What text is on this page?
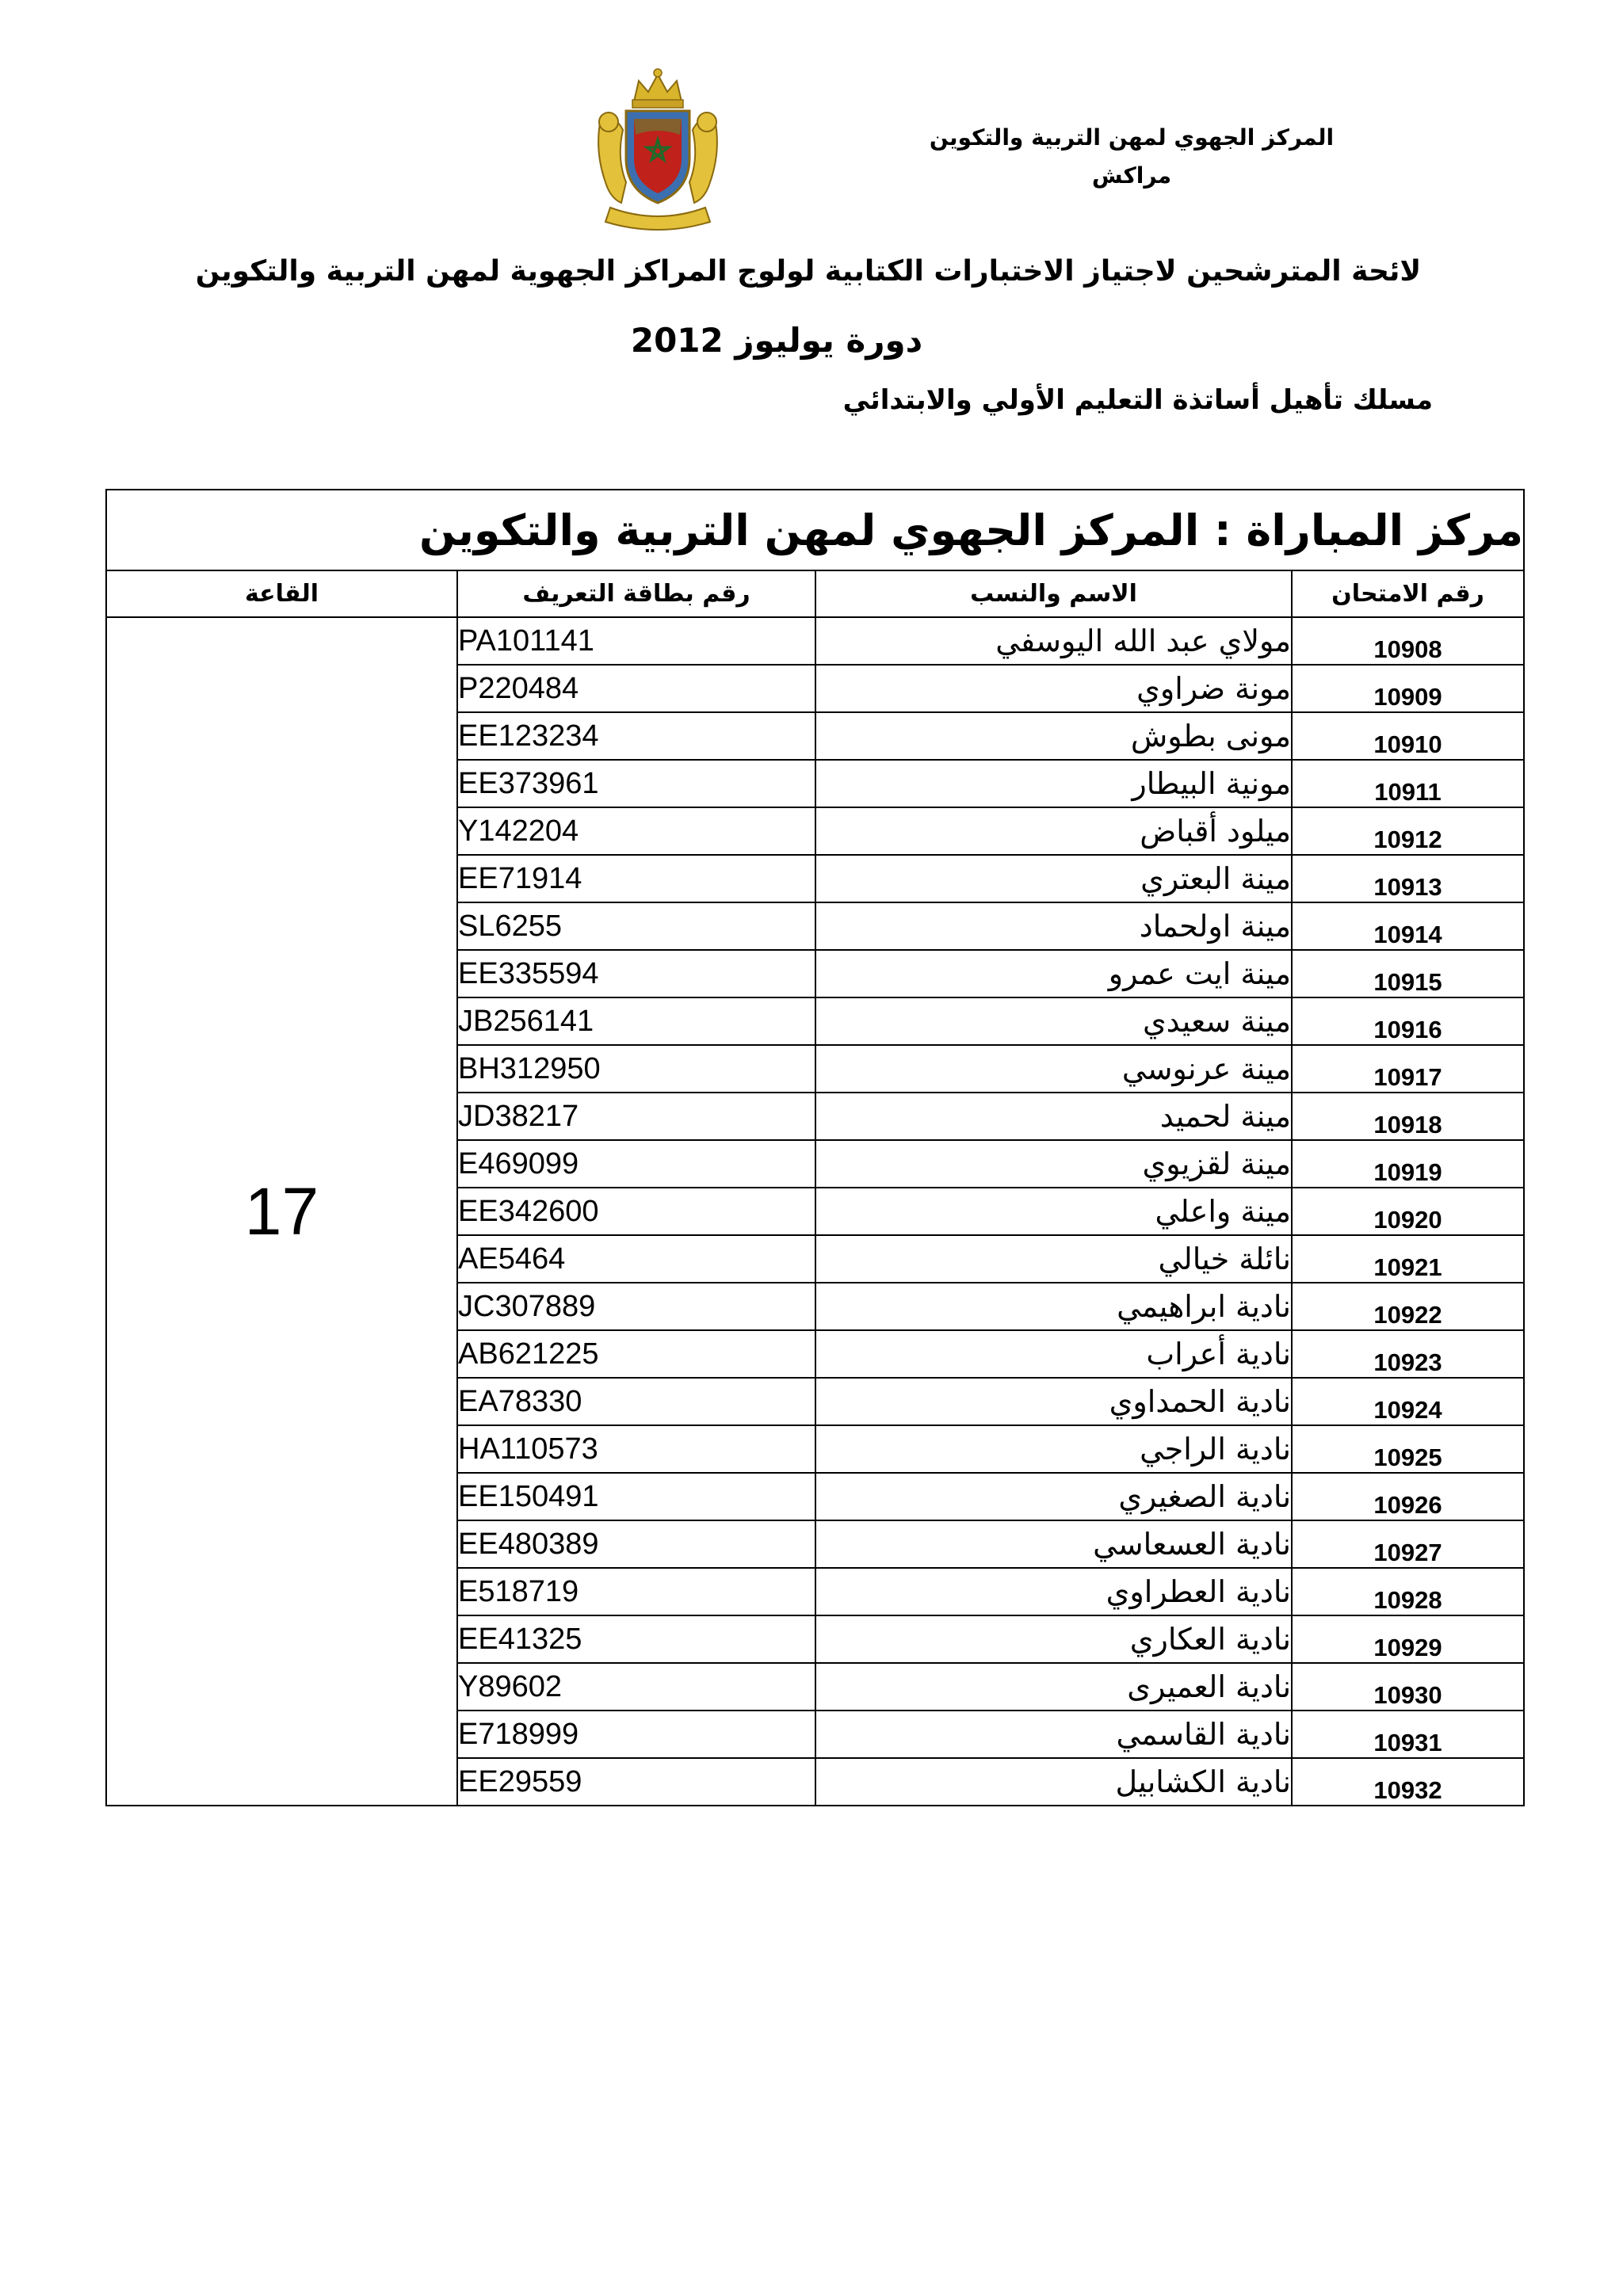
المركز الجهوي لمهن التربية والتكوين
مراكش
لائحة المترشحين لاجتياز الاختبارات الكتابية لولوج المراكز الجهوية لمهن التربية والتكوين
دورة يوليوز 2012
مسلك تأهيل أساتذة التعليم الأولي والابتدائي
مركز المباراة : المركز الجهوي لمهن التربية والتكوين			
رقم الامتحان	الاسم والنسب	رقم بطاقة التعريف	القاعة
10908	مولاي عبد الله اليوسفي	PA101141	17
10909	مونة ضراوي	P220484	
10910	مونى بطوش	EE123234	
10911	مونية البيطار	EE373961	
10912	ميلود أقباض	Y142204	
10913	مينة البعتري	EE71914	
10914	مينة اولحماد	SL6255	
10915	مينة ايت عمرو	EE335594	
10916	مينة سعيدي	JB256141	
10917	مينة عرنوسي	BH312950	
10918	مينة لحميد	JD38217	
10919	مينة لقزيوي	E469099	
10920	مينة واعلي	EE342600	
10921	نائلة خيالي	AE5464	
10922	نادية ابراهيمي	JC307889	
10923	نادية أعراب	AB621225	
10924	نادية الحمداوي	EA78330	
10925	نادية الراجي	HA110573	
10926	نادية الصغيري	EE150491	
10927	نادية العسعاسي	EE480389	
10928	نادية العطراوي	E518719	
10929	نادية العكاري	EE41325	
10930	نادية العميرى	Y89602	
10931	نادية القاسمي	E718999	
10932	نادية الكشابيل	EE29559	
